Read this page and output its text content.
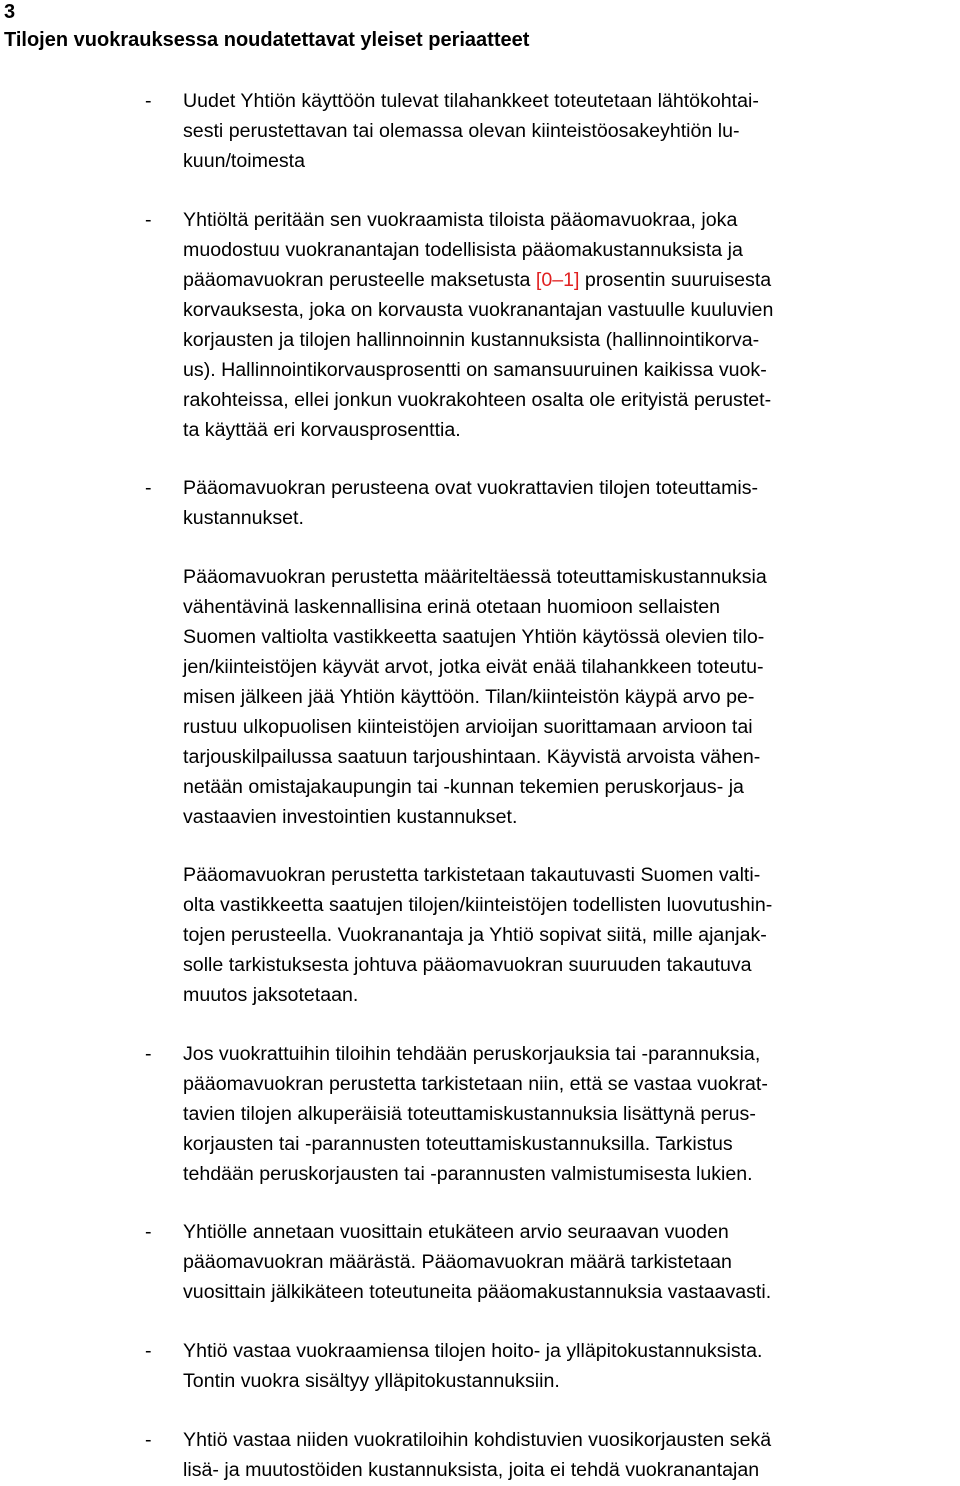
3
Tilojen vuokrauksessa noudatettavat yleiset periaatteet
- Uudet Yhtiön käyttöön tulevat tilahankkeet toteutetaan lähtökohtai-
sesti perustettavan tai olemassa olevan kiinteistöosakeyhtiön lu-
kuun/toimesta
- Yhtiöltä peritään sen vuokraamista tiloista pääomavuokraa, joka
muodostuu vuokranantajan todellisista pääomakustannuksista ja
pääomavuokran perusteelle maksetusta [0–1] prosentin suuruisesta
korvauksesta, joka on korvausta vuokranantajan vastuulle kuuluvien
korjausten ja tilojen hallinnoinnin kustannuksista (hallinnointikorva-
us). Hallinnointikorvausprosentti on samansuuruinen kaikissa vuok-
rakohteissa, ellei jonkun vuokrakohteen osalta ole erityistä perustet-
ta käyttää eri korvausprosenttia.
- Pääomavuokran perusteena ovat vuokrattavien tilojen toteuttamis-
kustannukset.
Pääomavuokran perustetta määriteltäessä toteuttamiskustannuksia
vähentävinä laskennallisina erinä otetaan huomioon sellaisten
Suomen valtiolta vastikkeetta saatujen Yhtiön käytössä olevien tilo-
jen/kiinteistöjen käyvät arvot, jotka eivät enää tilahankkeen toteutu-
misen jälkeen jää Yhtiön käyttöön. Tilan/kiinteistön käypä arvo pe-
rustuu ulkopuolisen kiinteistöjen arvioijan suorittamaan arvioon tai
tarjouskilpailussa saatuun tarjoushintaan. Käyvistä arvoista vähen-
netään omistajakaupungin tai -kunnan tekemien peruskorjaus- ja
vastaavien investointien kustannukset.
Pääomavuokran perustetta tarkistetaan takautuvasti Suomen valti-
olta vastikkeetta saatujen tilojen/kiinteistöjen todellisten luovutushin-
tojen perusteella. Vuokranantaja ja Yhtiö sopivat siitä, mille ajanjak-
solle tarkistuksesta johtuva pääomavuokran suuruuden takautuva
muutos jaksotetaan.
- Jos vuokrattuihin tiloihin tehdään peruskorjauksia tai -parannuksia,
pääomavuokran perustetta tarkistetaan niin, että se vastaa vuokrat-
tavien tilojen alkuperäisiä toteuttamiskustannuksia lisättynä perus-
korjausten tai -parannusten toteuttamiskustannuksilla. Tarkistus
tehdään peruskorjausten tai -parannusten valmistumisesta lukien.
- Yhtiölle annetaan vuosittain etukäteen arvio seuraavan vuoden
pääomavuokran määrästä. Pääomavuokran määrä tarkistetaan
vuosittain jälkikäteen toteutuneita pääomakustannuksia vastaavasti.
- Yhtiö vastaa vuokraamiensa tilojen hoito- ja ylläpitokustannuksista.
Tontin vuokra sisältyy ylläpitokustannuksiin.
- Yhtiö vastaa niiden vuokratiloihin kohdistuvien vuosikorjausten sekä
lisä- ja muutostöiden kustannuksista, joita ei tehdä vuokranantajan
